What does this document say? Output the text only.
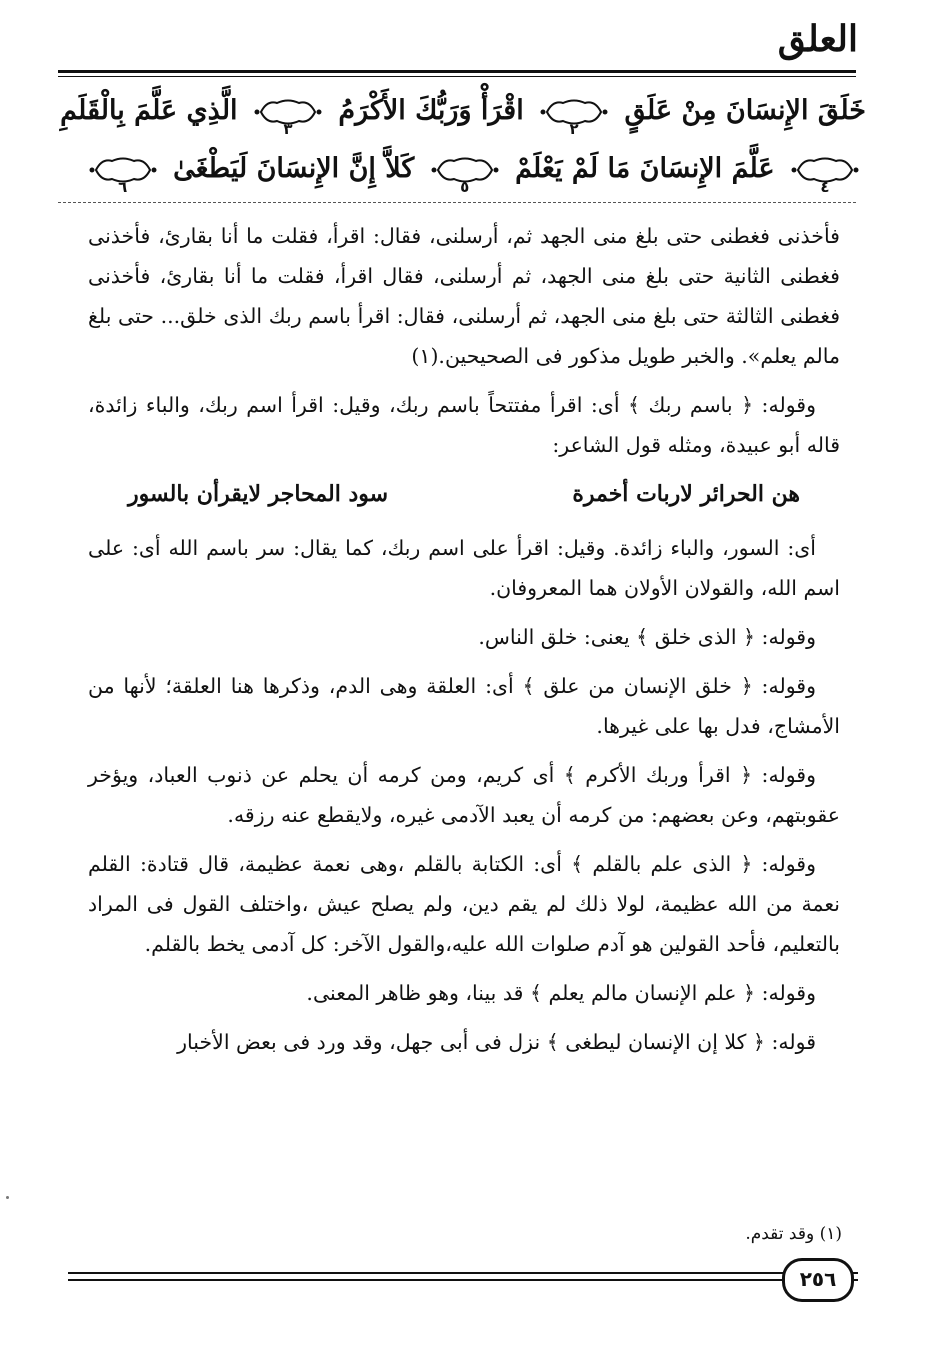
العلق
خَلَقَ الإِنسَانَ مِنْ عَلَقٍ
٢ اقْرَأْ وَرَبُّكَ الأَكْرَمُ
٣ الَّذِي عَلَّمَ بِالْقَلَمِ
٤ عَلَّمَ الإِنسَانَ مَا لَمْ يَعْلَمْ
٥ كَلاَّ إِنَّ الإِنسَانَ لَيَطْغَىٰ
٦

فأخذنى فغطنى حتى بلغ منى الجهد ثم، أرسلنى، فقال: اقرأ، فقلت ما أنا بقارئ، فأخذنى فغطنى الثانية حتى بلغ منى الجهد، ثم أرسلنى، فقال اقرأ، فقلت ما أنا بقارئ، فأخذنى فغطنى الثالثة حتى بلغ منى الجهد، ثم أرسلنى، فقال: اقرأ باسم ربك الذى خلق... حتى بلغ مالم يعلم». والخبر طويل مذكور فى الصحيحين.(١)

وقوله: ﴿ باسم ربك ﴾ أى: اقرأ مفتتحاً باسم ربك، وقيل: اقرأ اسم ربك، والباء زائدة، قاله أبو عبيدة، ومثله قول الشاعر:

هن الحرائر لاربات أخمرة
سود المحاجر لايقرأن بالسور

أى: السور، والباء زائدة. وقيل: اقرأ على اسم ربك، كما يقال: سر باسم الله أى: على اسم الله، والقولان الأولان هما المعروفان.

وقوله: ﴿ الذى خلق ﴾ يعنى: خلق الناس.

وقوله: ﴿ خلق الإنسان من علق ﴾ أى: العلقة وهى الدم، وذكرها هنا العلقة؛ لأنها من الأمشاج، فدل بها على غيرها.

وقوله: ﴿ اقرأ وربك الأكرم ﴾ أى كريم، ومن كرمه أن يحلم عن ذنوب العباد، ويؤخر عقوبتهم، وعن بعضهم: من كرمه أن يعبد الآدمى غيره، ولايقطع عنه رزقه.

وقوله: ﴿ الذى علم بالقلم ﴾ أى: الكتابة بالقلم ،وهى نعمة عظيمة، قال قتادة: القلم نعمة من الله عظيمة، لولا ذلك لم يقم دين، ولم يصلح عيش ،واختلف القول فى المراد بالتعليم، فأحد القولين هو آدم صلوات الله عليه،والقول الآخر: كل آدمى يخط بالقلم.

وقوله: ﴿ علم الإنسان مالم يعلم ﴾ قد بينا، وهو ظاهر المعنى.

قوله: ﴿ كلا إن الإنسان ليطغى ﴾ نزل فى أبى جهل، وقد ورد فى بعض الأخبار

(١) وقد تقدم.
٢٥٦
